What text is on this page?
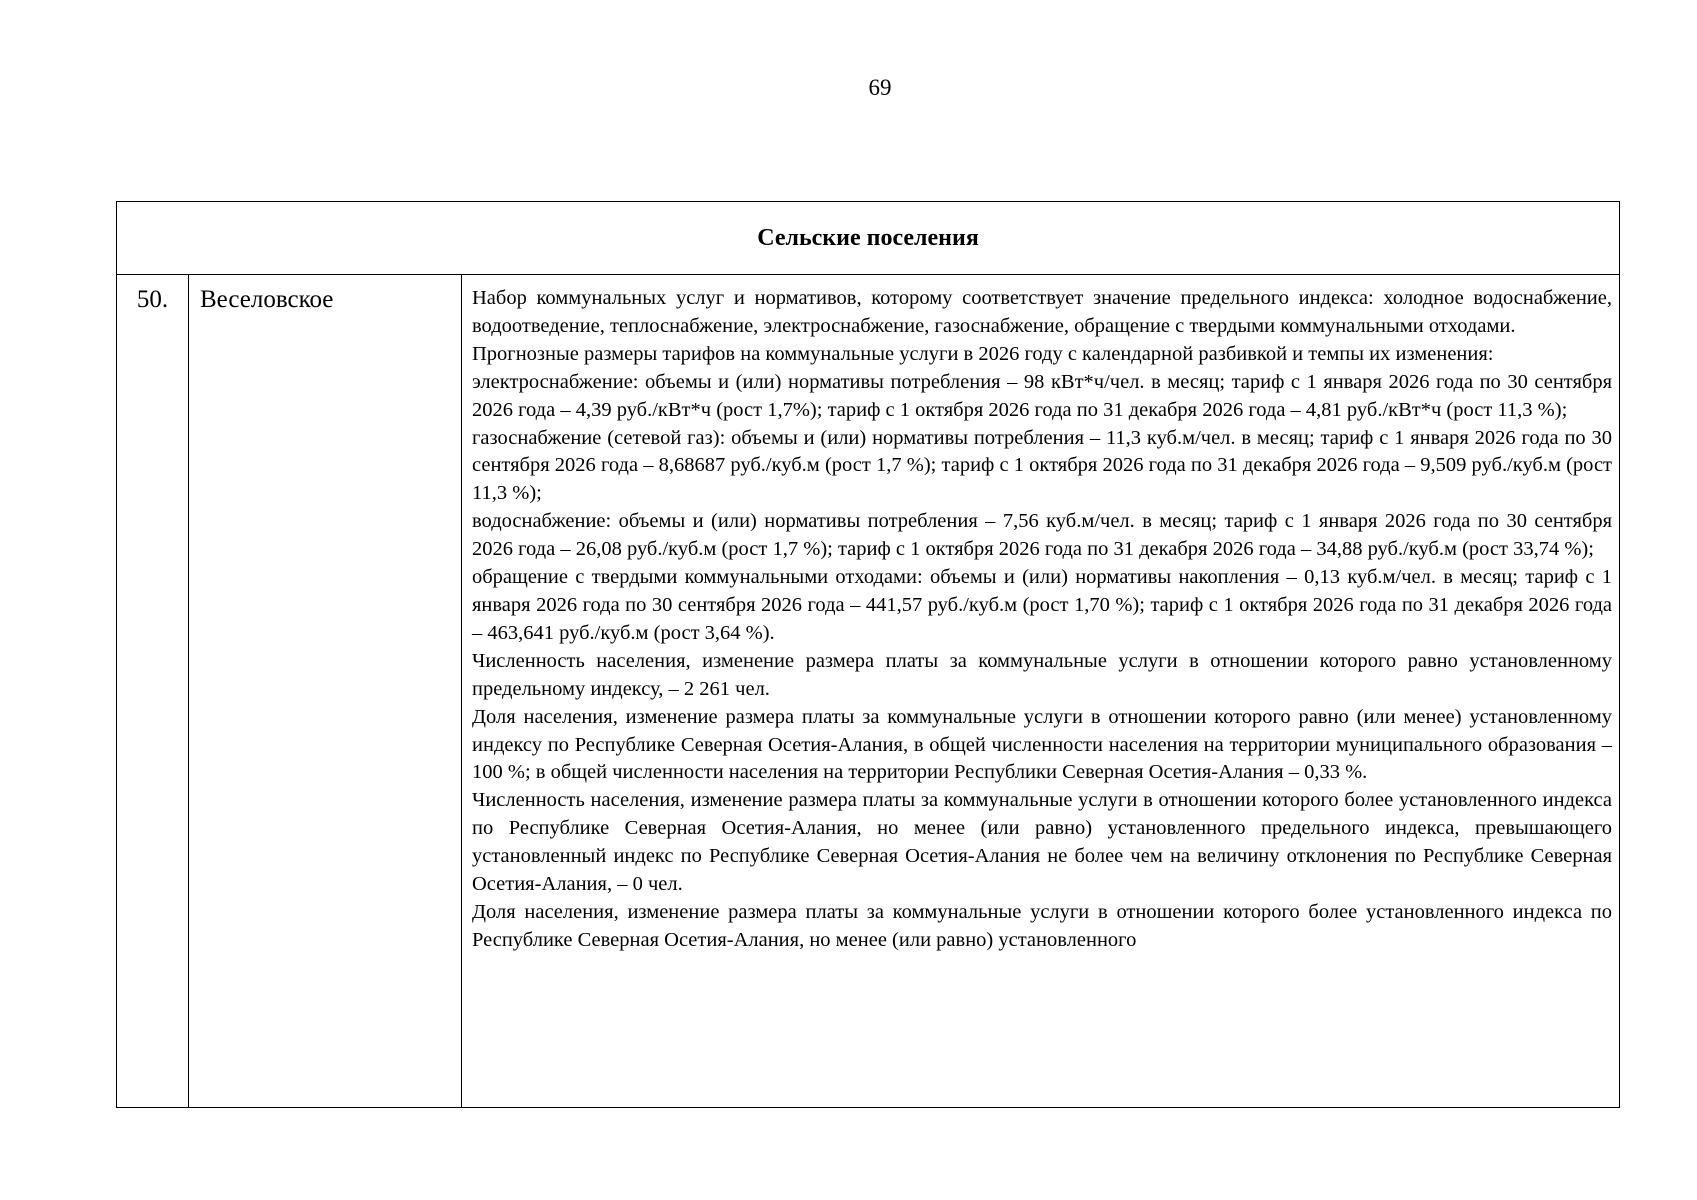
69
Сельские поселения
50.	Веселовское	Набор коммунальных услуг и нормативов, которому соответствует значение предельного индекса: холодное водоснабжение, водоотведение, теплоснабжение, электроснабжение, газоснабжение, обращение с твердыми коммунальными отходами.

Прогнозные размеры тарифов на коммунальные услуги в 2026 году с календарной разбивкой и темпы их изменения:

электроснабжение: объемы и (или) нормативы потребления – 98 кВт*ч/чел. в месяц; тариф с 1 января 2026 года по 30 сентября 2026 года – 4,39 руб./кВт*ч (рост 1,7%); тариф с 1 октября 2026 года по 31 декабря 2026 года – 4,81 руб./кВт*ч (рост 11,3 %);

газоснабжение (сетевой газ): объемы и (или) нормативы потребления – 11,3 куб.м/чел. в месяц; тариф с 1 января 2026 года по 30 сентября 2026 года – 8,68687 руб./куб.м (рост 1,7 %); тариф с 1 октября 2026 года по 31 декабря 2026 года – 9,509 руб./куб.м (рост 11,3 %);

водоснабжение: объемы и (или) нормативы потребления – 7,56 куб.м/чел. в месяц; тариф с 1 января 2026 года по 30 сентября 2026 года – 26,08 руб./куб.м (рост 1,7 %); тариф с 1 октября 2026 года по 31 декабря 2026 года – 34,88 руб./куб.м (рост 33,74 %);

обращение с твердыми коммунальными отходами: объемы и (или) нормативы накопления – 0,13 куб.м/чел. в месяц; тариф с 1 января 2026 года по 30 сентября 2026 года – 441,57 руб./куб.м (рост 1,70 %); тариф с 1 октября 2026 года по 31 декабря 2026 года – 463,641 руб./куб.м (рост 3,64 %).

Численность населения, изменение размера платы за коммунальные услуги в отношении которого равно установленному предельному индексу, – 2 261 чел.

Доля населения, изменение размера платы за коммунальные услуги в отношении которого равно (или менее) установленному индексу по Республике Северная Осетия-Алания, в общей численности населения на территории муниципального образования – 100 %; в общей численности населения на территории Республики Северная Осетия-Алания – 0,33 %.

Численность населения, изменение размера платы за коммунальные услуги в отношении которого более установленного индекса по Республике Северная Осетия-Алания, но менее (или равно) установленного предельного индекса, превышающего установленный индекс по Республике Северная Осетия-Алания не более чем на величину отклонения по Республике Северная Осетия-Алания, – 0 чел.

Доля населения, изменение размера платы за коммунальные услуги в отношении которого более установленного индекса по Республике Северная Осетия-Алания, но менее (или равно) установленного
